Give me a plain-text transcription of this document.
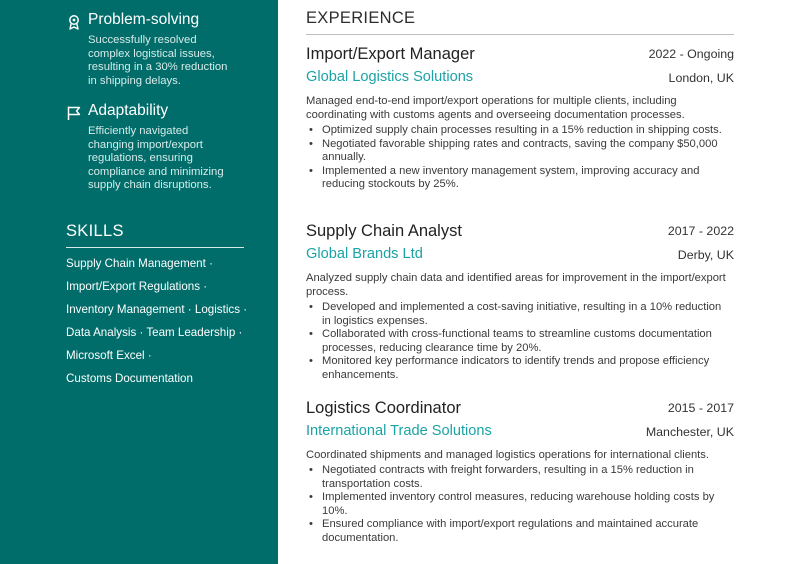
Problem-solving
Successfully resolved
complex logistical issues,
resulting in a 30% reduction
in shipping delays.
Adaptability
Efficiently navigated
changing import/export
regulations, ensuring
compliance and minimizing
supply chain disruptions.
SKILLS
Supply Chain Management ·
Import/Export Regulations ·
Inventory Management · Logistics ·
Data Analysis · Team Leadership ·
Microsoft Excel ·
Customs Documentation
EXPERIENCE
Import/Export Manager	2022 - Ongoing
Global Logistics Solutions	London, UK
Managed end-to-end import/export operations for multiple clients, including coordinating with customs agents and overseeing documentation processes.
• Optimized supply chain processes resulting in a 15% reduction in shipping costs.
• Negotiated favorable shipping rates and contracts, saving the company $50,000 annually.
• Implemented a new inventory management system, improving accuracy and reducing stockouts by 25%.
Supply Chain Analyst	2017 - 2022
Global Brands Ltd	Derby, UK
Analyzed supply chain data and identified areas for improvement in the import/export process.
• Developed and implemented a cost-saving initiative, resulting in a 10% reduction in logistics expenses.
• Collaborated with cross-functional teams to streamline customs documentation processes, reducing clearance time by 20%.
• Monitored key performance indicators to identify trends and propose efficiency enhancements.
Logistics Coordinator	2015 - 2017
International Trade Solutions	Manchester, UK
Coordinated shipments and managed logistics operations for international clients.
• Negotiated contracts with freight forwarders, resulting in a 15% reduction in transportation costs.
• Implemented inventory control measures, reducing warehouse holding costs by 10%.
• Ensured compliance with import/export regulations and maintained accurate documentation.
